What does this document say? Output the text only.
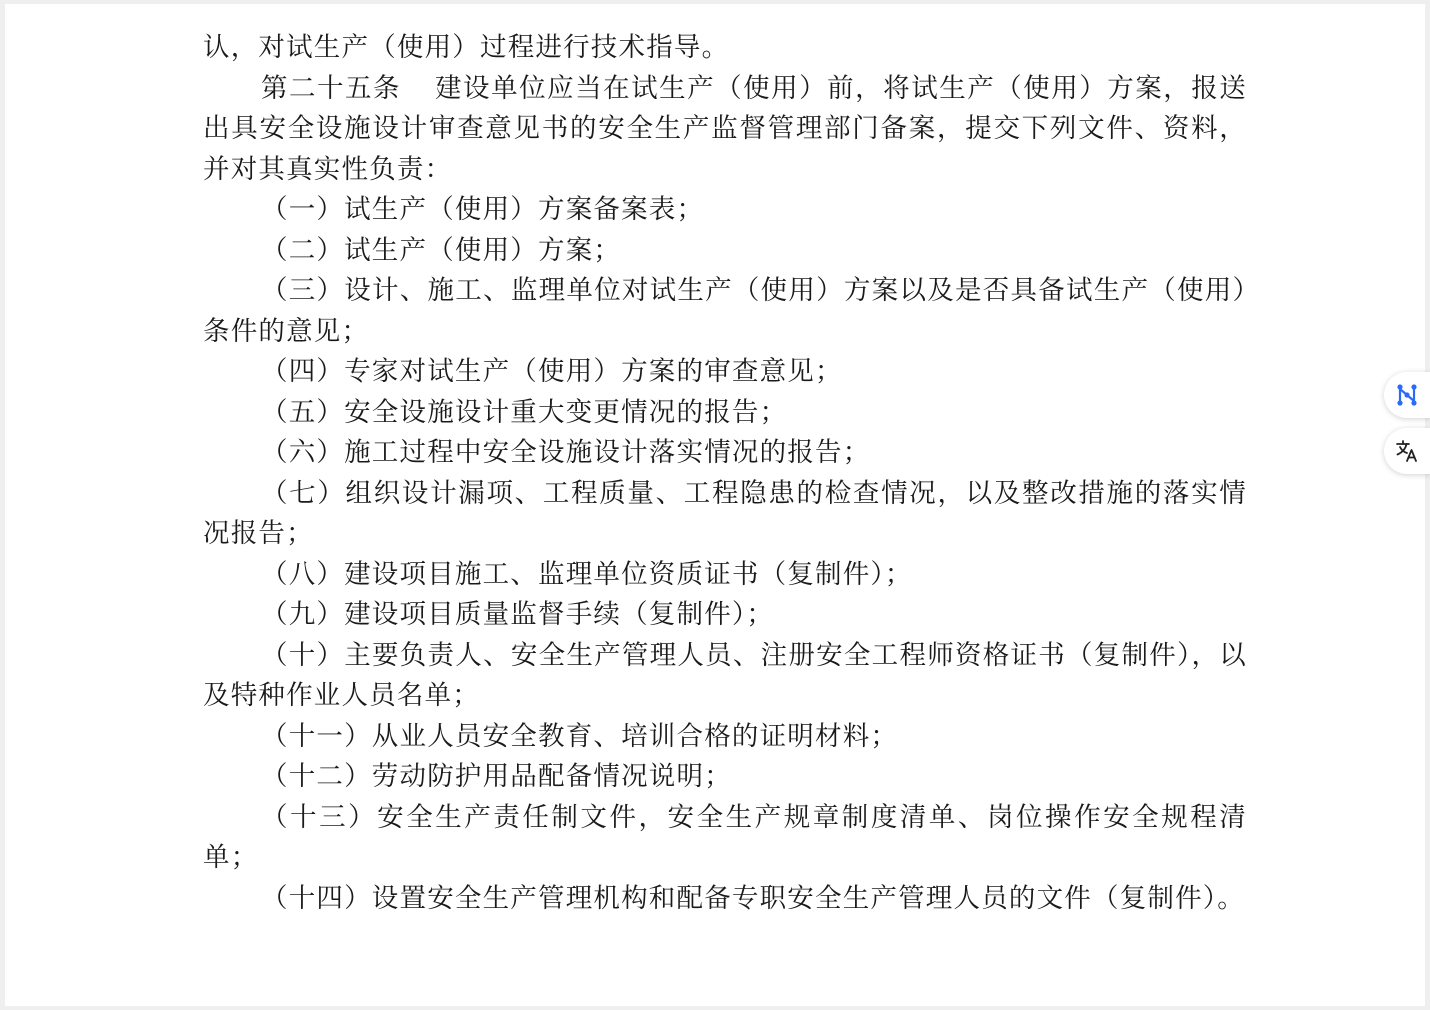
认，对试生产（使用）过程进行技术指导。

第二十五条 建设单位应当在试生产（使用）前，将试生产（使用）方案，报送出具安全设施设计审查意见书的安全生产监督管理部门备案，提交下列文件、资料，并对其真实性负责：

（一）试生产（使用）方案备案表；

（二）试生产（使用）方案；

（三）设计、施工、监理单位对试生产（使用）方案以及是否具备试生产（使用）条件的意见；

（四）专家对试生产（使用）方案的审查意见；

（五）安全设施设计重大变更情况的报告；

（六）施工过程中安全设施设计落实情况的报告；

（七）组织设计漏项、工程质量、工程隐患的检查情况，以及整改措施的落实情况报告；

（八）建设项目施工、监理单位资质证书（复制件）；

（九）建设项目质量监督手续（复制件）；

（十）主要负责人、安全生产管理人员、注册安全工程师资格证书（复制件），以及特种作业人员名单；

（十一）从业人员安全教育、培训合格的证明材料；

（十二）劳动防护用品配备情况说明；

（十三）安全生产责任制文件，安全生产规章制度清单、岗位操作安全规程清单；

（十四）设置安全生产管理机构和配备专职安全生产管理人员的文件（复制件）。
